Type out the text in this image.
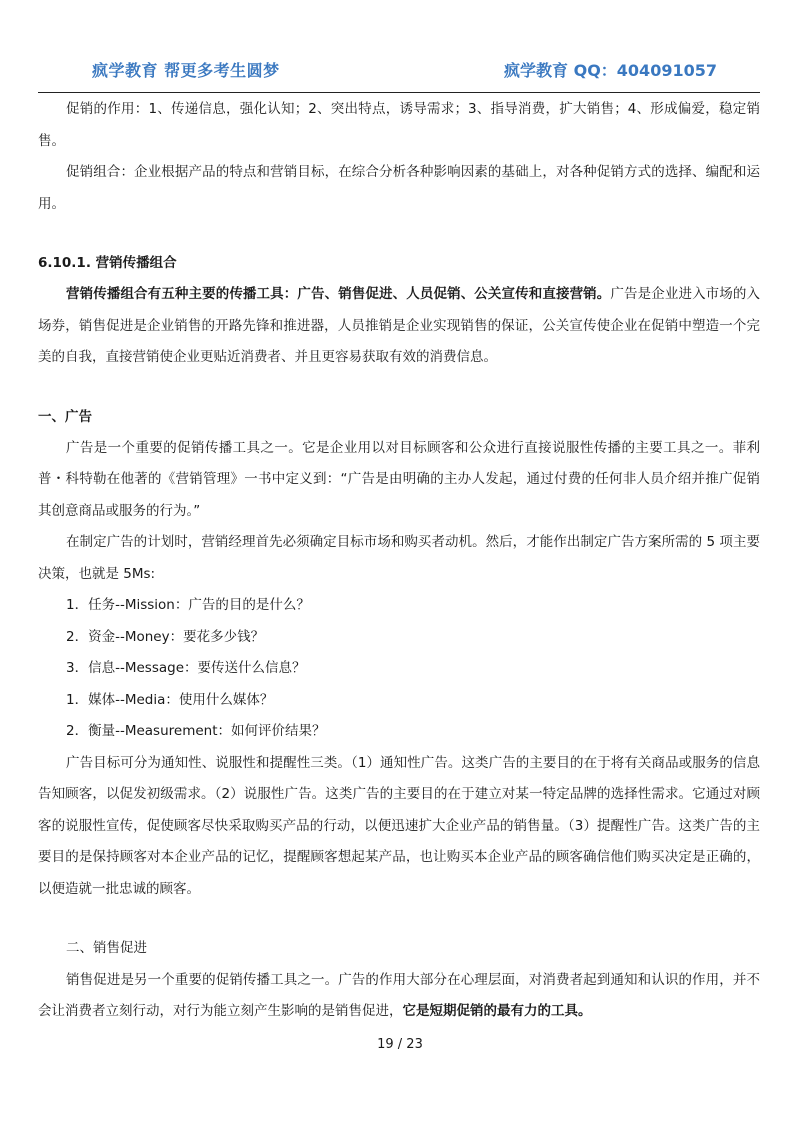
疯学教育 帮更多考生圆梦	疯学教育 QQ：404091057

促销的作用：1、传递信息，强化认知；2、突出特点，诱导需求；3、指导消费，扩大销售；4、形成偏爱，稳定销售。

促销组合：企业根据产品的特点和营销目标，在综合分析各种影响因素的基础上，对各种促销方式的选择、编配和运用。

6.10.1. 营销传播组合

营销传播组合有五种主要的传播工具：广告、销售促进、人员促销、公关宣传和直接营销。广告是企业进入市场的入场券，销售促进是企业销售的开路先锋和推进器，人员推销是企业实现销售的保证，公关宣传使企业在促销中塑造一个完美的自我，直接营销使企业更贴近消费者、并且更容易获取有效的消费信息。

一、广告

广告是一个重要的促销传播工具之一。它是企业用以对目标顾客和公众进行直接说服性传播的主要工具之一。菲利普・科特勒在他著的《营销管理》一书中定义到：“广告是由明确的主办人发起，通过付费的任何非人员介绍并推广促销其创意商品或服务的行为。”

在制定广告的计划时，营销经理首先必须确定目标市场和购买者动机。然后，才能作出制定广告方案所需的 5 项主要决策，也就是 5Ms:

1．任务--Mission：广告的目的是什么？

2．资金--Money：要花多少钱？

3．信息--Message：要传送什么信息？

1．媒体--Media：使用什么媒体？

2．衡量--Measurement：如何评价结果？

广告目标可分为通知性、说服性和提醒性三类。（1）通知性广告。这类广告的主要目的在于将有关商品或服务的信息告知顾客，以促发初级需求。（2）说服性广告。这类广告的主要目的在于建立对某一特定品牌的选择性需求。它通过对顾客的说服性宣传，促使顾客尽快采取购买产品的行动，以便迅速扩大企业产品的销售量。（3）提醒性广告。这类广告的主要目的是保持顾客对本企业产品的记忆，提醒顾客想起某产品，也让购买本企业产品的顾客确信他们购买决定是正确的，以便造就一批忠诚的顾客。

二、销售促进

销售促进是另一个重要的促销传播工具之一。广告的作用大部分在心理层面，对消费者起到通知和认识的作用，并不会让消费者立刻行动，对行为能立刻产生影响的是销售促进，它是短期促销的最有力的工具。

19 / 23
